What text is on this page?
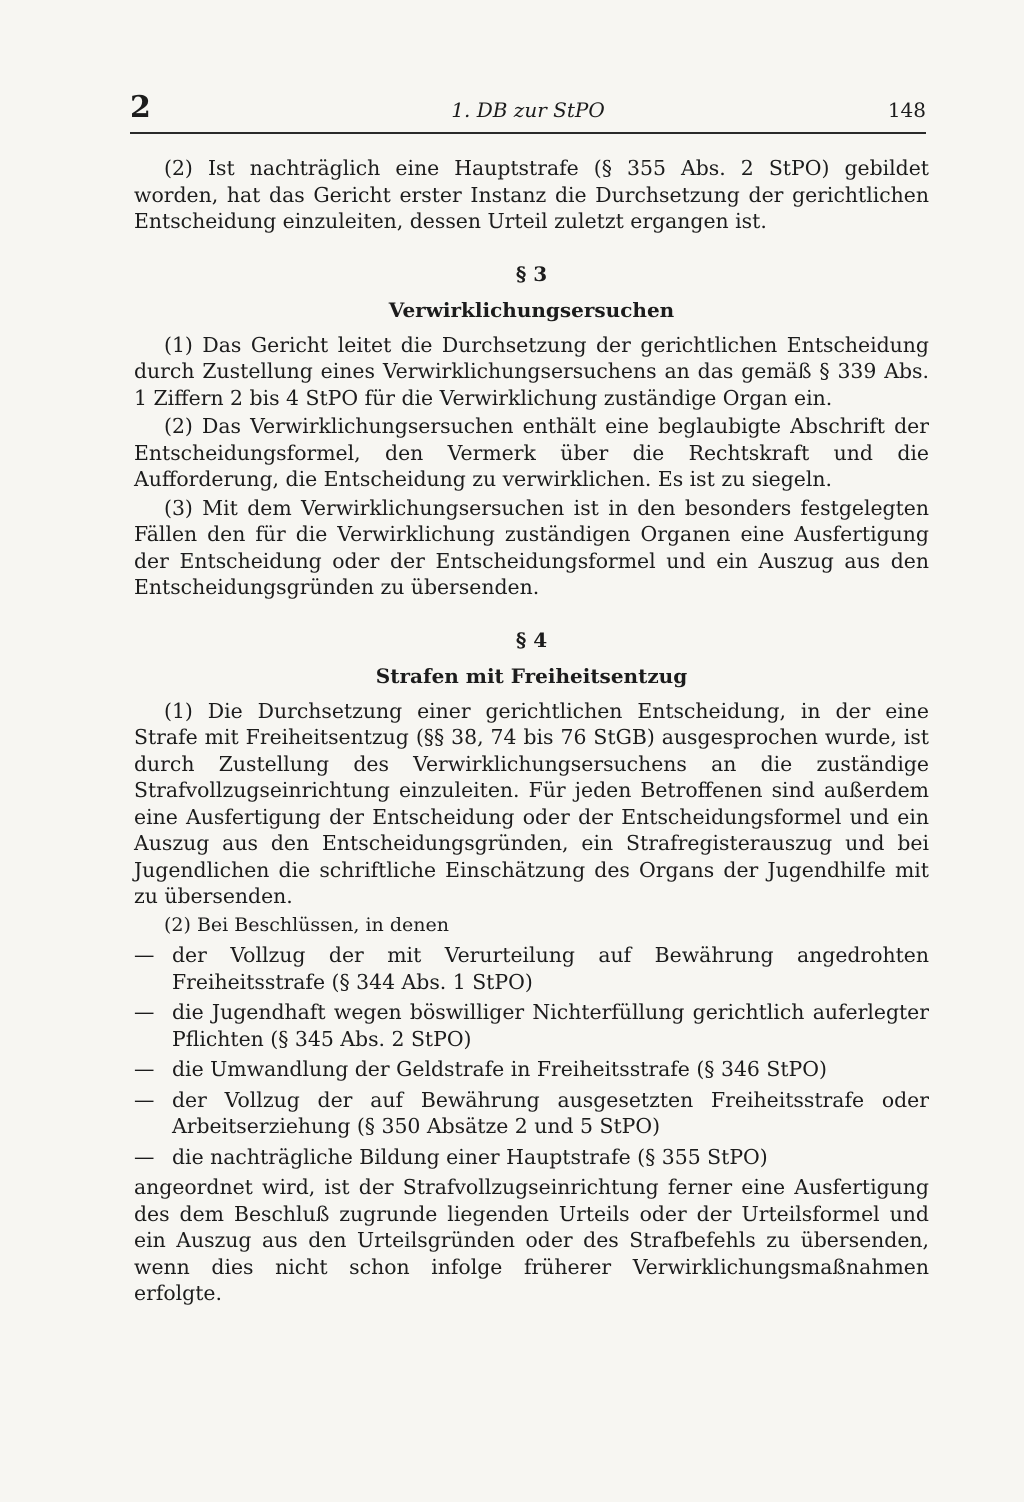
2	1. DB zur StPO	148

(2) Ist nachträglich eine Hauptstrafe (§ 355 Abs. 2 StPO) gebildet worden, hat das Gericht erster Instanz die Durchsetzung der gerichtlichen Entscheidung einzuleiten, dessen Urteil zuletzt ergangen ist.

§ 3
Verwirklichungsersuchen

(1) Das Gericht leitet die Durchsetzung der gerichtlichen Entscheidung durch Zustellung eines Verwirklichungsersuchens an das gemäß § 339 Abs. 1 Ziffern 2 bis 4 StPO für die Verwirklichung zuständige Organ ein.

(2) Das Verwirklichungsersuchen enthält eine beglaubigte Abschrift der Entscheidungsformel, den Vermerk über die Rechtskraft und die Aufforderung, die Entscheidung zu verwirklichen. Es ist zu siegeln.

(3) Mit dem Verwirklichungsersuchen ist in den besonders festgelegten Fällen den für die Verwirklichung zuständigen Organen eine Ausfertigung der Entscheidung oder der Entscheidungsformel und ein Auszug aus den Entscheidungsgründen zu übersenden.

§ 4
Strafen mit Freiheitsentzug

(1) Die Durchsetzung einer gerichtlichen Entscheidung, in der eine Strafe mit Freiheitsentzug (§§ 38, 74 bis 76 StGB) ausgesprochen wurde, ist durch Zustellung des Verwirklichungsersuchens an die zuständige Strafvollzugseinrichtung einzuleiten. Für jeden Betroffenen sind außerdem eine Ausfertigung der Entscheidung oder der Entscheidungsformel und ein Auszug aus den Entscheidungsgründen, ein Strafregisterauszug und bei Jugendlichen die schriftliche Einschätzung des Organs der Jugendhilfe mit zu übersenden.

(2) Bei Beschlüssen, in denen

— der Vollzug der mit Verurteilung auf Bewährung angedrohten Freiheitsstrafe (§ 344 Abs. 1 StPO)
— die Jugendhaft wegen böswilliger Nichterfüllung gerichtlich auferlegter Pflichten (§ 345 Abs. 2 StPO)
— die Umwandlung der Geldstrafe in Freiheitsstrafe (§ 346 StPO)
— der Vollzug der auf Bewährung ausgesetzten Freiheitsstrafe oder Arbeitserziehung (§ 350 Absätze 2 und 5 StPO)
— die nachträgliche Bildung einer Hauptstrafe (§ 355 StPO)

angeordnet wird, ist der Strafvollzugseinrichtung ferner eine Ausfertigung des dem Beschluß zugrunde liegenden Urteils oder der Urteilsformel und ein Auszug aus den Urteilsgründen oder des Strafbefehls zu übersenden, wenn dies nicht schon infolge früherer Verwirklichungsmaßnahmen erfolgte.
